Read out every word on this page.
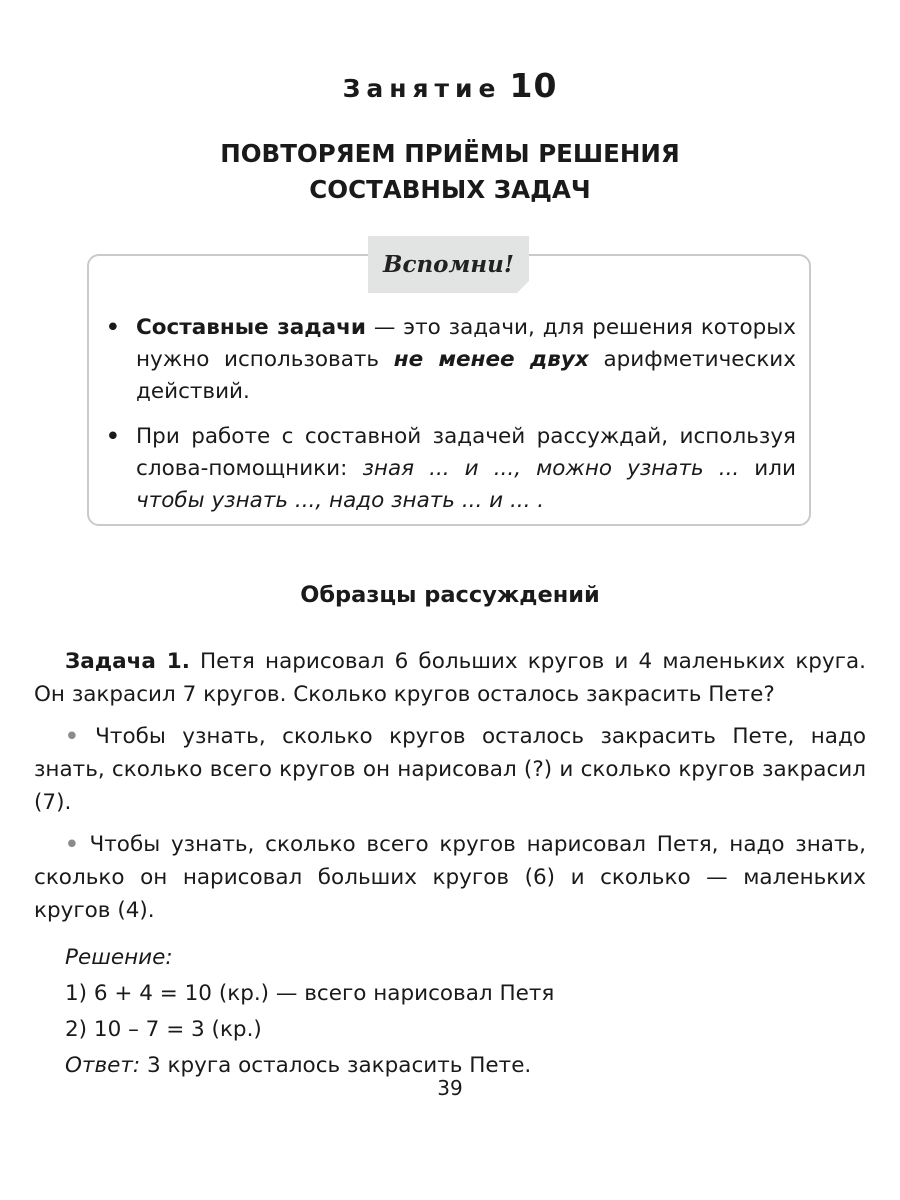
Занятие 10
ПОВТОРЯЕМ ПРИЁМЫ РЕШЕНИЯ
СОСТАВНЫХ ЗАДАЧ
Вспомни!
• Составные задачи — это задачи, для решения которых нужно использовать не менее двух арифметических действий.
• При работе с составной задачей рассуждай, используя слова-помощники: зная ... и ..., можно узнать ... или чтобы узнать ..., надо знать ... и ... .
Образцы рассуждений

Задача 1. Петя нарисовал 6 больших кругов и 4 маленьких круга. Он закрасил 7 кругов. Сколько кругов осталось закрасить Пете?

• Чтобы узнать, сколько кругов осталось закрасить Пете, надо знать, сколько всего кругов он нарисовал (?) и сколько кругов закрасил (7).

• Чтобы узнать, сколько всего кругов нарисовал Петя, надо знать, сколько он нарисовал больших кругов (6) и сколько — маленьких кругов (4).

Решение:
1) 6 + 4 = 10 (кр.) — всего нарисовал Петя
2) 10 – 7 = 3 (кр.)
Ответ: 3 круга осталось закрасить Пете.
39
